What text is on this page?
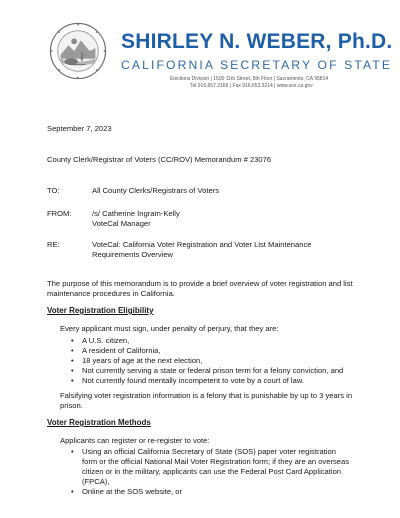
SHIRLEY N. WEBER, Ph.D.
CALIFORNIA SECRETARY OF STATE
Elections Division | 1500 11th Street, 5th Floor | Sacramento, CA 95814
Tel 916.657.2166 | Fax 916.653.3214 | www.sos.ca.gov
September 7, 2023
County Clerk/Registrar of Voters (CC/ROV) Memorandum # 23076
TO:	All County Clerks/Registrars of Voters
FROM:	/s/ Catherine Ingram-Kelly
VoteCal Manager
RE:	VoteCal: California Voter Registration and Voter List Maintenance
Requirements Overview
The purpose of this memorandum is to provide a brief overview of voter registration and list maintenance procedures in California.
Voter Registration Eligibility
Every applicant must sign, under penalty of perjury, that they are:
• A U.S. citizen,
• A resident of California,
• 18 years of age at the next election,
• Not currently serving a state or federal prison term for a felony conviction, and
• Not currently found mentally incompetent to vote by a court of law.
Falsifying voter registration information is a felony that is punishable by up to 3 years in prison.
Voter Registration Methods
Applicants can register or re-register to vote:
• Using an official California Secretary of State (SOS) paper voter registration form or the official National Mail Voter Registration form; if they are an overseas citizen or in the military, applicants can use the Federal Post Card Application (FPCA),
• Online at the SOS website, or
